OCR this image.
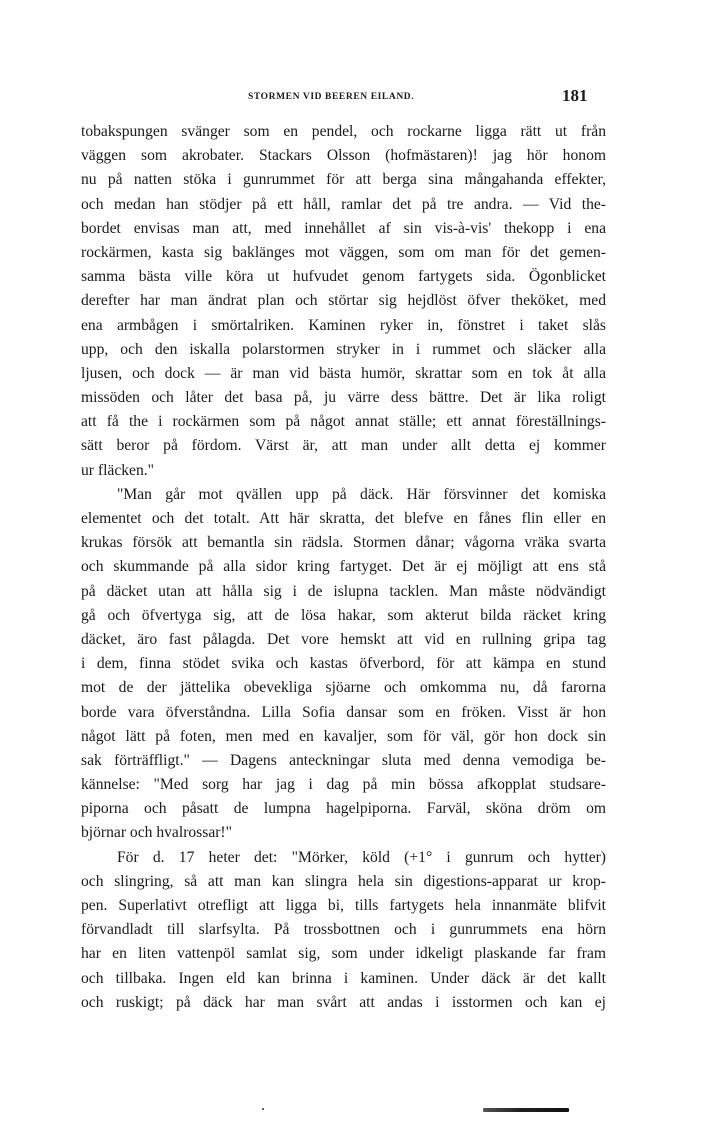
STORMEN VID BEEREN EILAND.	181
tobakspungen svänger som en pendel, och rockarne ligga rätt ut från
väggen som akrobater. Stackars Olsson (hofmästaren)! jag hör honom
nu på natten stöka i gunrummet för att berga sina mångahanda effekter,
och medan han stödjer på ett håll, ramlar det på tre andra. — Vid the-
bordet envisas man att, med innehållet af sin vis-à-vis' thekopp i ena
rockärmen, kasta sig baklänges mot väggen, som om man för det gemen-
samma bästa ville köra ut hufvudet genom fartygets sida. Ögonblicket
derefter har man ändrat plan och störtar sig hejdlöst öfver theköket, med
ena armbågen i smörtalriken. Kaminen ryker in, fönstret i taket slås
upp, och den iskalla polarstormen stryker in i rummet och släcker alla
ljusen, och dock — är man vid bästa humör, skrattar som en tok åt alla
missöden och låter det basa på, ju värre dess bättre. Det är lika roligt
att få the i rockärmen som på något annat ställe; ett annat föreställnings-
sätt beror på fördom. Värst är, att man under allt detta ej kommer
ur fläcken."
"Man går mot qvällen upp på däck. Här försvinner det komiska
elementet och det totalt. Att här skratta, det blefve en fånes flin eller en
krukas försök att bemantla sin rädsla. Stormen dånar; vågorna vräka svarta
och skummande på alla sidor kring fartyget. Det är ej möjligt att ens stå
på däcket utan att hålla sig i de islupna tacklen. Man måste nödvändigt
gå och öfvertyga sig, att de lösa hakar, som akterut bilda räcket kring
däcket, äro fast pålagda. Det vore hemskt att vid en rullning gripa tag
i dem, finna stödet svika och kastas öfverbord, för att kämpa en stund
mot de der jättelika obevekliga sjöarne och omkomma nu, då farorna
borde vara öfverståndna. Lilla Sofia dansar som en fröken. Visst är hon
något lätt på foten, men med en kavaljer, som för väl, gör hon dock sin
sak förträffligt." — Dagens anteckningar sluta med denna vemodiga be-
kännelse: "Med sorg har jag i dag på min bössa afkopplat studsare-
piporna och påsatt de lumpna hagelpiporna. Farväl, sköna dröm om
björnar och hvalrossar!"
För d. 17 heter det: "Mörker, köld (+1° i gunrum och hytter)
och slingring, så att man kan slingra hela sin digestions-apparat ur krop-
pen. Superlativt otrefligt att ligga bi, tills fartygets hela innanmäte blifvit
förvandladt till slarfsylta. På trossbottnen och i gunrummets ena hörn
har en liten vattenpöl samlat sig, som under idkeligt plaskande far fram
och tillbaka. Ingen eld kan brinna i kaminen. Under däck är det kallt
och ruskigt; på däck har man svårt att andas i isstormen och kan ej
